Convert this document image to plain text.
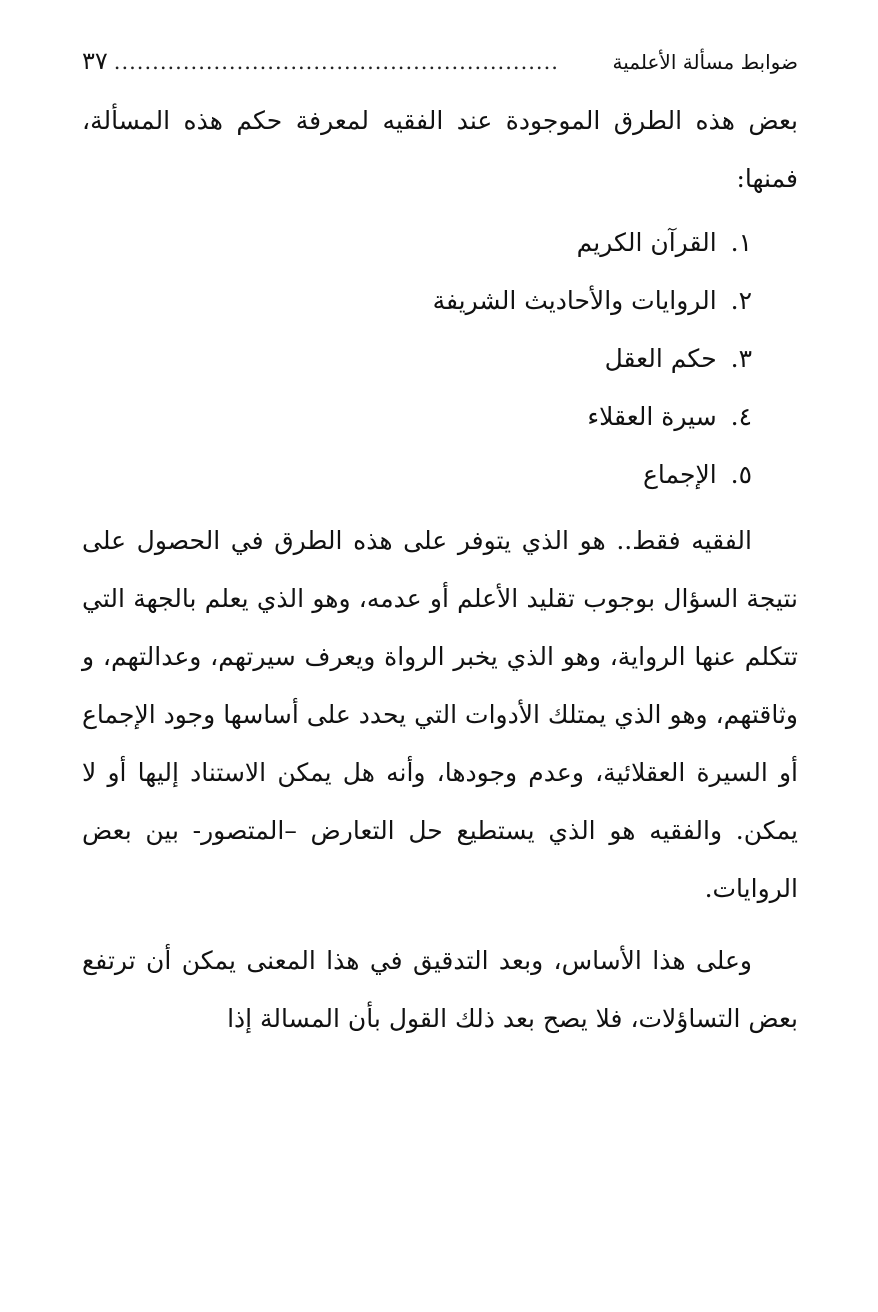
ضوابط مسألة الأعلمية
..........................................................
٣٧

بعض هذه الطرق الموجودة عند الفقيه لمعرفة حكم هذه المسألة، فمنها:

١. القرآن الكريم
٢. الروايات والأحاديث الشريفة
٣. حكم العقل
٤. سيرة العقلاء
٥. الإجماع

الفقيه فقط.. هو الذي يتوفر على هذه الطرق في الحصول على نتيجة السؤال بوجوب تقليد الأعلم أو عدمه، وهو الذي يعلم بالجهة التي تتكلم عنها الرواية، وهو الذي يخبر الرواة ويعرف سيرتهم، وعدالتهم، و وثاقتهم، وهو الذي يمتلك الأدوات التي يحدد على أساسها وجود الإجماع أو السيرة العقلائية، وعدم وجودها، وأنه هل يمكن الاستناد إليها أو لا يمكن. والفقيه هو الذي يستطيع حل التعارض –المتصور- بين بعض الروايات.

وعلى هذا الأساس، وبعد التدقيق في هذا المعنى يمكن أن ترتفع بعض التساؤلات، فلا يصح بعد ذلك القول بأن المسالة إذا
